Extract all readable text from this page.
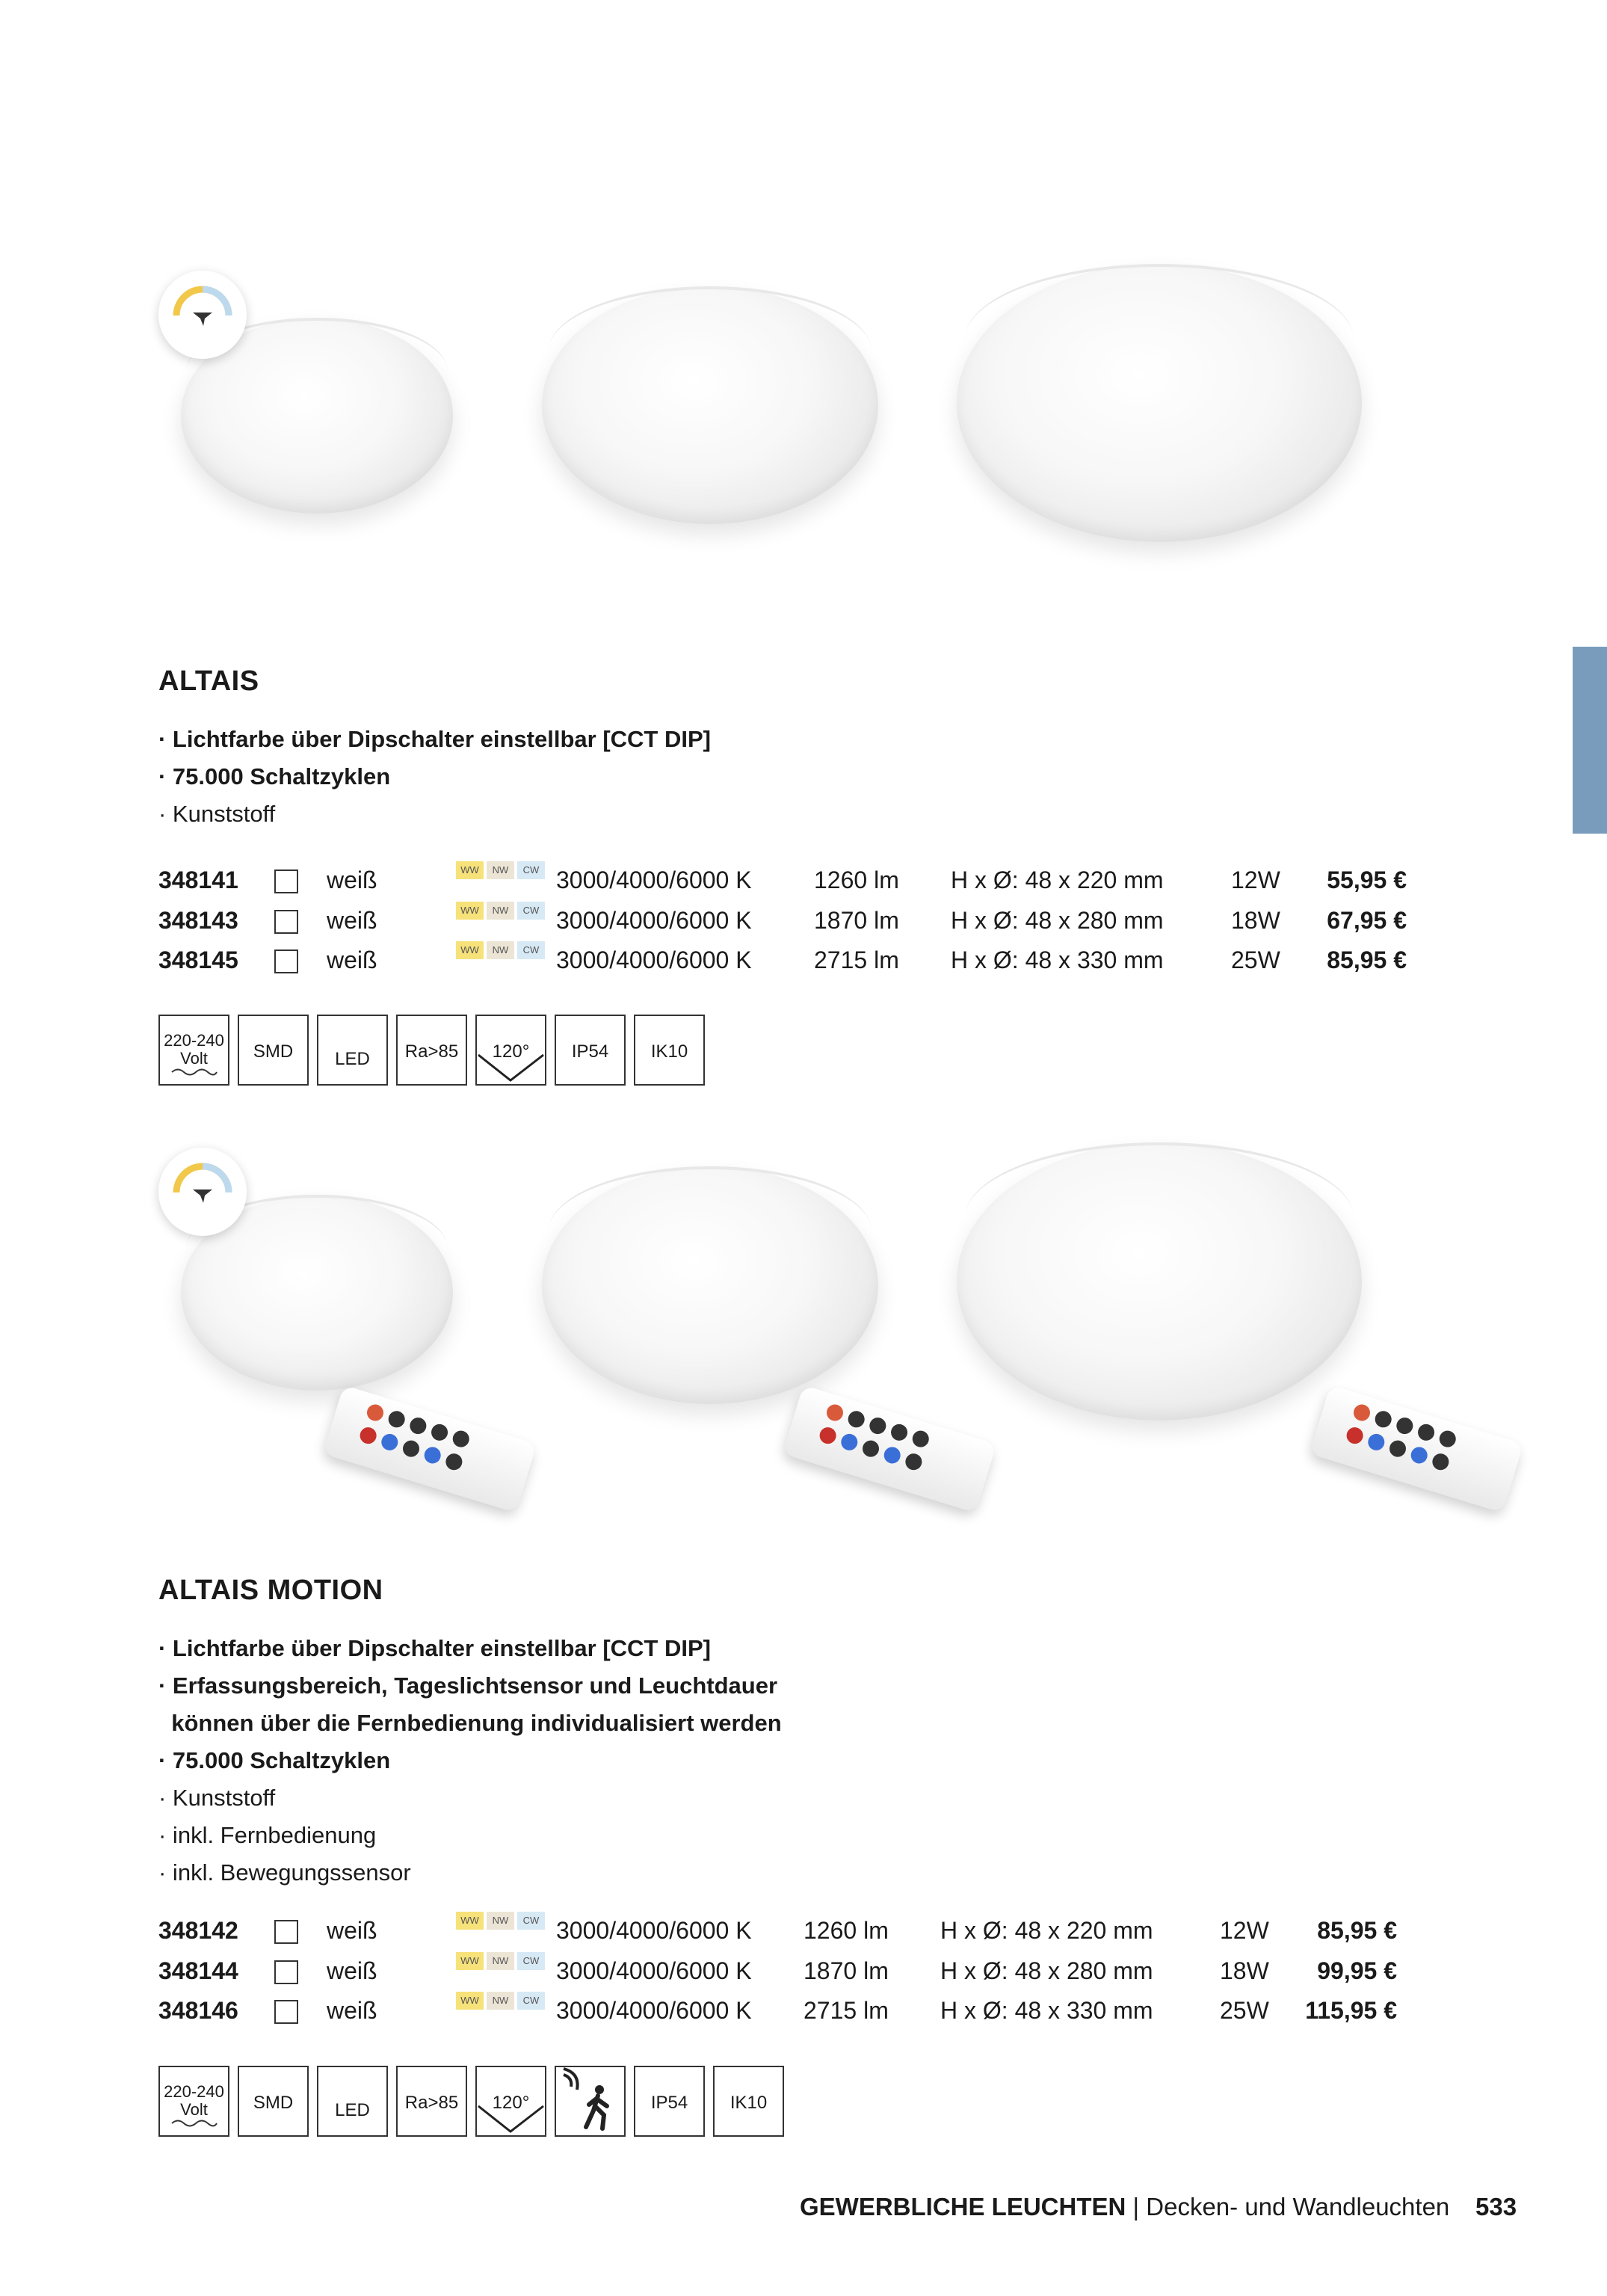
ALTAIS
· Lichtfarbe über Dipschalter einstellbar [CCT DIP]
· 75.000 Schaltzyklen
· Kunststoff
348141	weiß	WW	NW	CW 3000/4000/6000 K	1260 lm H x Ø: 48 x 220 mm	12W 55,95 €
348143	weiß	WW	NW	CW 3000/4000/6000 K	1870 lm H x Ø: 48 x 280 mm	18W 67,95 €
348145	weiß	WW	NW	CW 3000/4000/6000 K	2715 lm H x Ø: 48 x 330 mm	25W 85,95 €
220-240
Volt	SMD	LED	Ra>85	120°	IP54	IK10
ALTAIS MOTION
· Lichtfarbe über Dipschalter einstellbar [CCT DIP]
· Erfassungsbereich, Tageslichtsensor und Leuchtdauer
können über die Fernbedienung individualisiert werden
· 75.000 Schaltzyklen
· Kunststoff
· inkl. Fernbedienung
· inkl. Bewegungssensor
348142	weiß	WW	NW	CW 3000/4000/6000 K 1260 lm H x Ø: 48 x 220 mm	12W 85,95 €
348144	weiß	WW	NW	CW 3000/4000/6000 K 1870 lm H x Ø: 48 x 280 mm	18W 99,95 €
348146	weiß	WW	NW	CW 3000/4000/6000 K 2715 lm H x Ø: 48 x 330 mm	25W 115,95 €
220-240
Volt	SMD	LED	Ra>85	120°	IP54	IK10
GEWERBLICHE LEUCHTEN | Decken- und Wandleuchten 533
